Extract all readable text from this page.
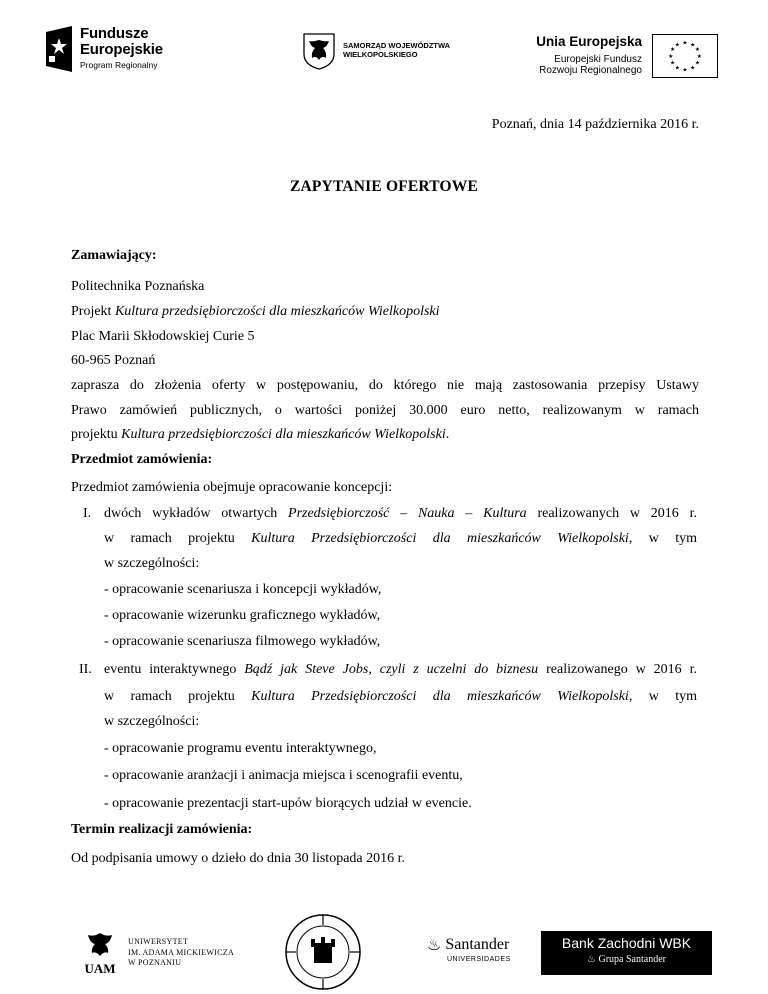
Fundusze
Europejskie
Program Regionalny
SAMORZĄD WOJEWÓDZTWA
WIELKOPOLSKIEGO
Unia Europejska
Europejski Fundusz
Rozwoju Regionalnego
★ ★
★
★
★
★
★
★
★
★
★
★
Poznań, dnia 14 października 2016 r.
ZAPYTANIE OFERTOWE
Zamawiający:
Politechnika Poznańska
Projekt Kultura przedsiębiorczości dla mieszkańców Wielkopolski
Plac Marii Skłodowskiej Curie 5
60-965 Poznań
zaprasza do złożenia oferty w postępowaniu, do którego nie mają zastosowania przepisy Ustawy
Prawo zamówień publicznych, o wartości poniżej 30.000 euro netto, realizowanym w ramach
projektu Kultura przedsiębiorczości dla mieszkańców Wielkopolski.
Przedmiot zamówienia:
Przedmiot zamówienia obejmuje opracowanie koncepcji:
I. dwóch wykładów otwartych Przedsiębiorczość – Nauka – Kultura realizowanych w 2016 r.
w ramach projektu Kultura Przedsiębiorczości dla mieszkańców Wielkopolski, w tym
w szczególności:
- opracowanie scenariusza i koncepcji wykładów,
- opracowanie wizerunku graficznego wykładów,
- opracowanie scenariusza filmowego wykładów,
II. eventu interaktywnego Bądź jak Steve Jobs, czyli z uczelni do biznesu realizowanego w 2016 r.
w ramach projektu Kultura Przedsiębiorczości dla mieszkańców Wielkopolski, w tym
w szczególności:
- opracowanie programu eventu interaktywnego,
- opracowanie aranżacji i animacja miejsca i scenografii eventu,
- opracowanie prezentacji start-upów biorących udział w evencie.
Termin realizacji zamówienia:
Od podpisania umowy o dzieło do dnia 30 listopada 2016 r.
UAM
UNIWERSYTET
IM. ADAMA MICKIEWICZA
W POZNANIU
♨ Santander
UNIVERSIDADES
Bank Zachodni WBK
♨ Grupa Santander
